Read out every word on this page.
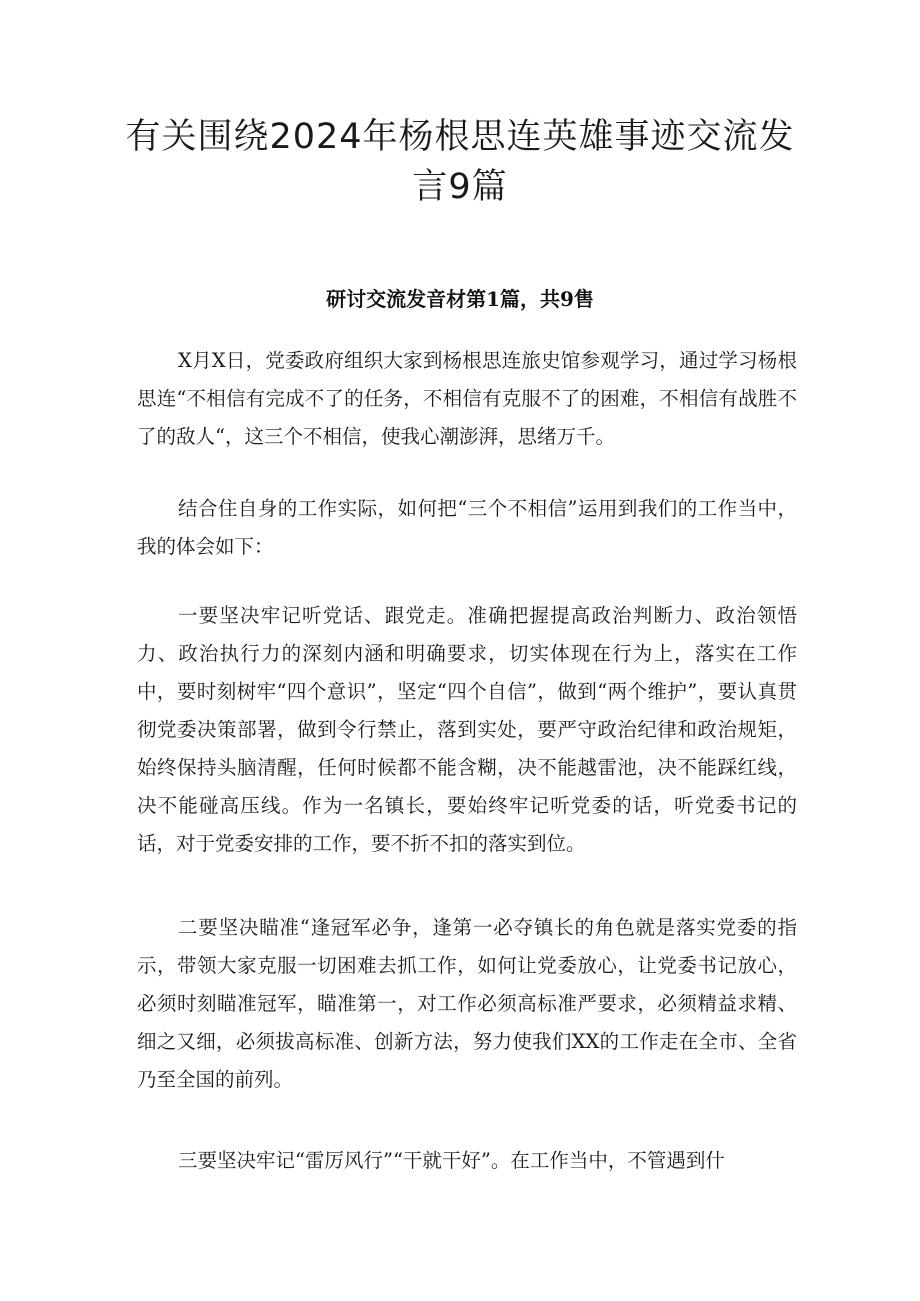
有关围绕2024年杨根思连英雄事迹交流发言9篇
研讨交流发音材第1篇，共9售

X月X日，党委政府组织大家到杨根思连旅史馆参观学习，通过学习杨根思连“不相信有完成不了的任务，不相信有克服不了的困难，不相信有战胜不了的敌人“，这三个不相信，使我心潮澎湃，思绪万千。

结合住自身的工作实际，如何把“三个不相信”运用到我们的工作当中，我的体会如下：

一要坚决牢记听党话、跟党走。准确把握提高政治判断力、政治领悟力、政治执行力的深刻内涵和明确要求，切实体现在行为上，落实在工作中，要时刻树牢“四个意识”，坚定“四个自信”，做到“两个维护”，要认真贯彻党委决策部署，做到令行禁止，落到实处，要严守政治纪律和政治规矩，始终保持头脑清醒，任何时候都不能含糊，决不能越雷池，决不能踩红线，决不能碰高压线。作为一名镇长，要始终牢记听党委的话，听党委书记的话，对于党委安排的工作，要不折不扣的落实到位。

二要坚决瞄准“逢冠军必争，逢第一必夺镇长的角色就是落实党委的指示，带领大家克服一切困难去抓工作，如何让党委放心，让党委书记放心，必须时刻瞄准冠军，瞄准第一，对工作必须高标准严要求，必须精益求精、细之又细，必须拔高标准、创新方法，努力使我们XX的工作走在全市、全省乃至全国的前列。

三要坚决牢记“雷厉风行”“干就干好”。在工作当中，不管遇到什
